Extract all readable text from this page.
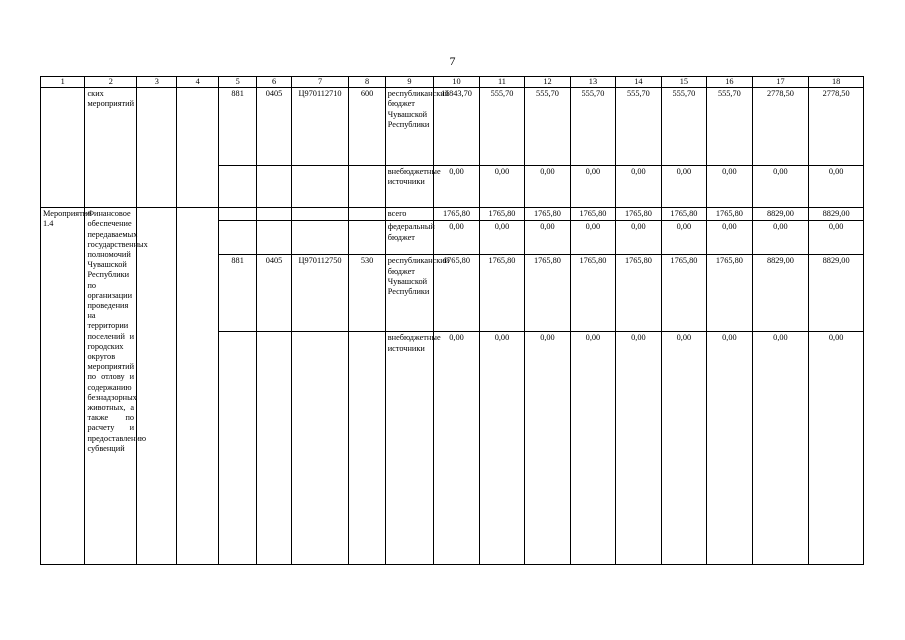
7
1	2	3	4	5	6	7	8	9	10	11	12	13	14	15	16	17	18
	ских мероприятий			881	0405	Ц970112710	600	республиканский бюджет Чувашской Республики	11843,70	555,70	555,70	555,70	555,70	555,70	555,70	2778,50	2778,50
								внебюджетные источники	0,00	0,00	0,00	0,00	0,00	0,00	0,00	0,00	0,00
Мероприятие 1.4	Финансовое обеспечение передаваемых государственных полномочий Чувашской Республики по организации проведения на территории поселений и городских округов мероприятий по отлову и содержанию безнадзорных животных, а также по расчету и предоставлению субвенций							всего	1765,80	1765,80	1765,80	1765,80	1765,80	1765,80	1765,80	8829,00	8829,00
								федеральный бюджет	0,00	0,00	0,00	0,00	0,00	0,00	0,00	0,00	0,00
				881	0405	Ц970112750	530	республиканский бюджет Чувашской Республики	1765,80	1765,80	1765,80	1765,80	1765,80	1765,80	1765,80	8829,00	8829,00
								внебюджетные источники	0,00	0,00	0,00	0,00	0,00	0,00	0,00	0,00	0,00
